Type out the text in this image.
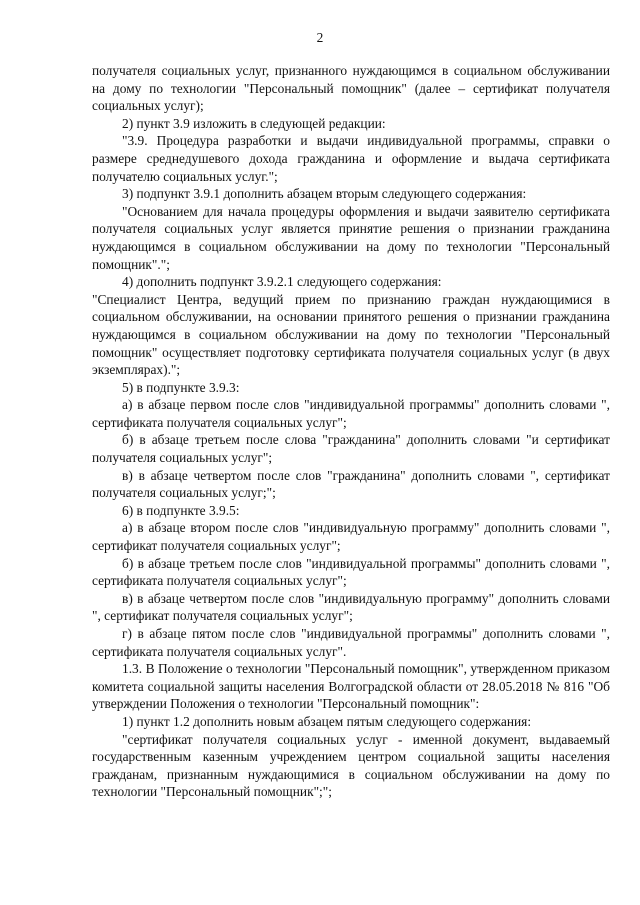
2

получателя социальных услуг, признанного нуждающимся в социальном обслуживании на дому по технологии "Персональный помощник" (далее – сертификат получателя социальных услуг);

2) пункт 3.9 изложить в следующей редакции:

"3.9. Процедура разработки и выдачи индивидуальной программы, справки о размере среднедушевого дохода гражданина и оформление и выдача сертификата получателю социальных услуг.";

3) подпункт 3.9.1 дополнить абзацем вторым следующего содержания:

"Основанием для начала процедуры оформления и выдачи заявителю сертификата получателя социальных услуг является принятие решения о признании гражданина нуждающимся в социальном обслуживании на дому по технологии "Персональный помощник".";

4) дополнить подпункт 3.9.2.1 следующего содержания:

"Специалист Центра, ведущий прием по признанию граждан нуждающимися в социальном обслуживании, на основании принятого решения о признании гражданина нуждающимся в социальном обслуживании на дому по технологии "Персональный помощник" осуществляет подготовку сертификата получателя социальных услуг (в двух экземплярах).";

5) в подпункте 3.9.3:

а) в абзаце первом после слов "индивидуальной программы" дополнить словами ", сертификата получателя социальных услуг";

б) в абзаце третьем после слова "гражданина" дополнить словами "и сертификат получателя социальных услуг";

в) в абзаце четвертом после слов "гражданина" дополнить словами ", сертификат получателя социальных услуг;";

6) в подпункте 3.9.5:

а) в абзаце втором после слов "индивидуальную программу" дополнить словами ", сертификат получателя социальных услуг";

б) в абзаце третьем после слов "индивидуальной программы" дополнить словами ", сертификата получателя социальных услуг";

в) в абзаце четвертом после слов "индивидуальную программу" дополнить словами ", сертификат получателя социальных услуг";

г) в абзаце пятом после слов "индивидуальной программы" дополнить словами ", сертификата получателя социальных услуг".

1.3. В Положение о технологии "Персональный помощник", утвержденном приказом комитета социальной защиты населения Волгоградской области от 28.05.2018 № 816 "Об утверждении Положения о технологии "Персональный помощник":

1) пункт 1.2 дополнить новым абзацем пятым следующего содержания:

"сертификат получателя социальных услуг - именной документ, выдаваемый государственным казенным учреждением центром социальной защиты населения гражданам, признанным нуждающимися в социальном обслуживании на дому по технологии "Персональный помощник";";
